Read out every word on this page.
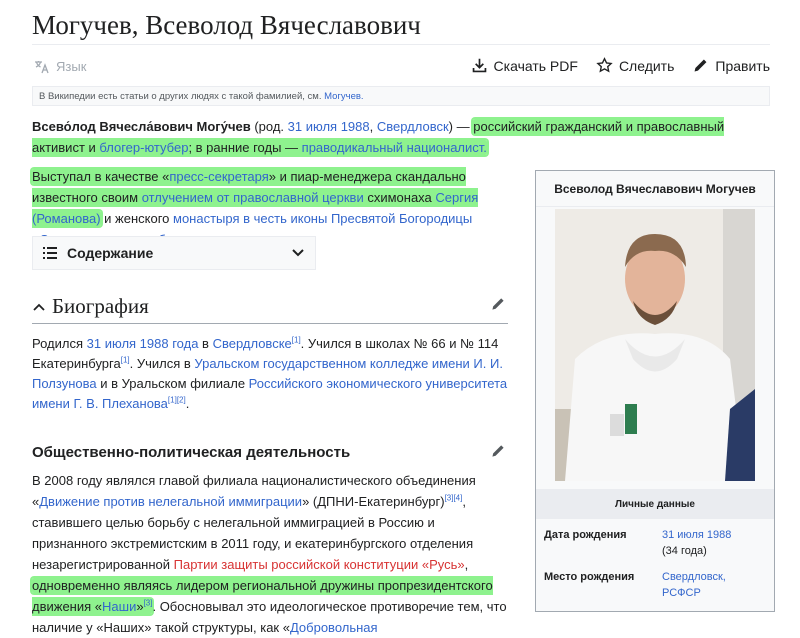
Могучев, Всеволод Вячеславович
Язык	Скачать PDF	Следить	Править
В Википедии есть статьи о других людях с такой фамилией, см. Могучев.

Всево́лод Вячесла́вович Могу́чев (род. 31 июля 1988, Свердловск) — российский гражданский и православный активист и блогер-ютубер; в ранние годы — праводикальный националист.

Выступал в качестве «пресс-секретаря» и пиар-менеджера скандально известного своим отлучением от православной церкви схимонаха Сергия (Романова) и женского монастыря в честь иконы Пресвятой Богородицы

Содержание
Биография

Родился 31 июля 1988 года в Свердловске[1]. Учился в школах № 66 и № 114 Екатеринбурга[1]. Учился в Уральском государственном колледже имени И. И. Ползунова и в Уральском филиале Российского экономического университета имени Г. В. Плеханова[1][2].

Общественно-политическая деятельность

В 2008 году являлся главой филиала националистического объединения «Движение против нелегальной иммиграции» (ДПНИ-Екатеринбург)[3][4], ставившего целью борьбу с нелегальной иммиграцией в Россию и признанного экстремистским в 2011 году, и екатеринбургского отделения незарегистрированной Партии защиты российской конституции «Русь», одновременно являясь лидером региональной дружины пропрезидентского движения «Наши»[3]. Обосновывал это идеологическое противоречие тем, что наличие у «Наших» такой структуры, как «Добровольная

Всеволод Вячеславович Могучев
Личные данные
Дата рождения	31 июля 1988
(34 года)
Место рождения	Свердловск, РСФСР
